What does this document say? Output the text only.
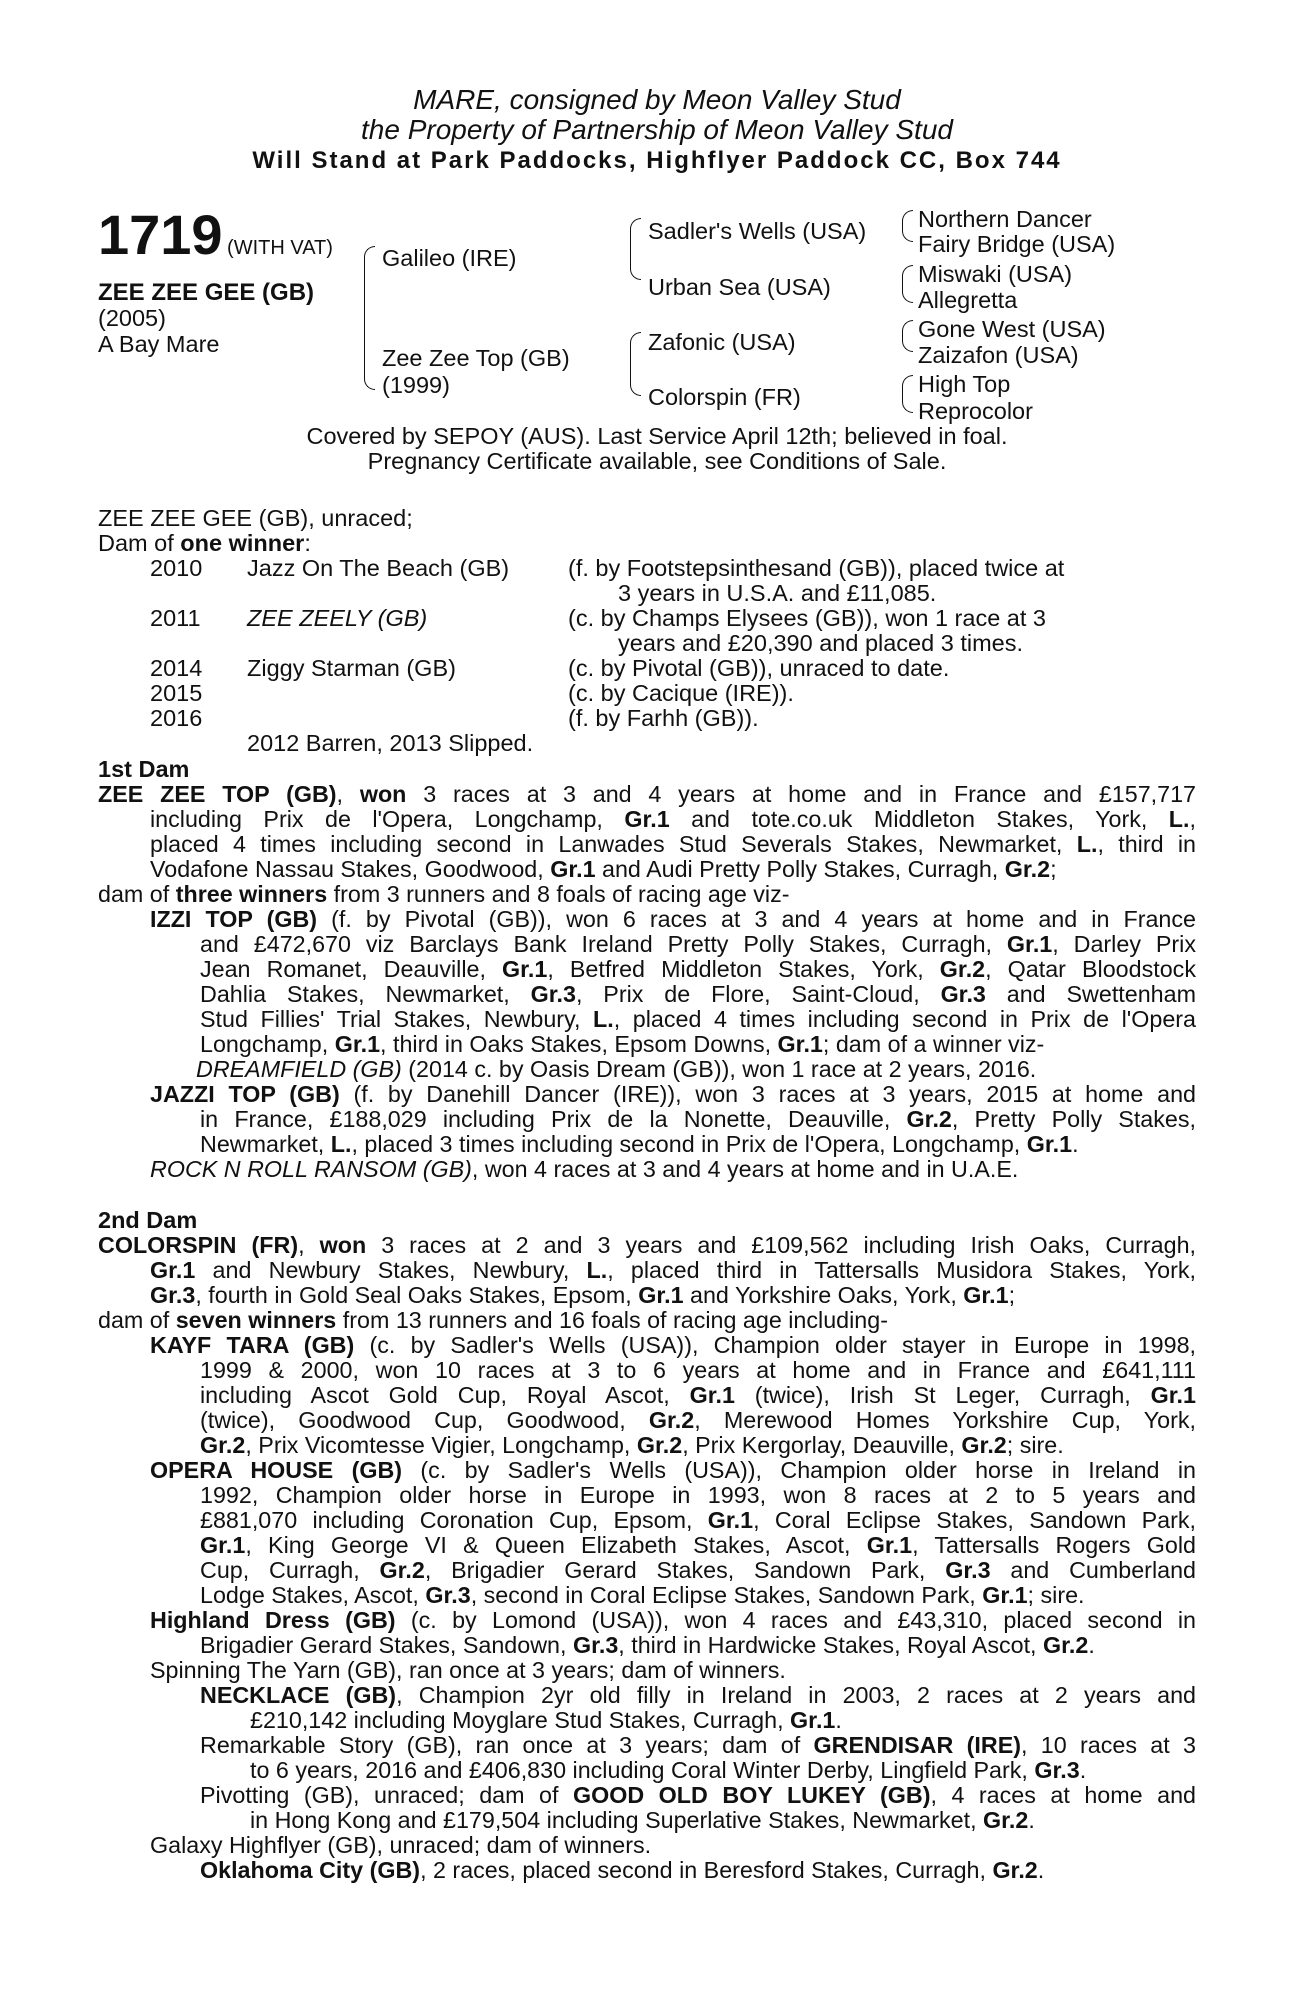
MARE, consigned by Meon Valley Stud
the Property of Partnership of Meon Valley Stud
Will Stand at Park Paddocks, Highflyer Paddock CC, Box 744
1719 (WITH VAT)
ZEE ZEE GEE (GB)
(2005)
A Bay Mare
Galileo (IRE)
Zee Zee Top (GB)
(1999)
Sadler's Wells (USA)
Urban Sea (USA)
Zafonic (USA)
Colorspin (FR)
Northern Dancer
Fairy Bridge (USA)
Miswaki (USA)
Allegretta
Gone West (USA)
Zaizafon (USA)
High Top
Reprocolor
Covered by SEPOY (AUS). Last Service April 12th; believed in foal.
Pregnancy Certificate available, see Conditions of Sale.
ZEE ZEE GEE (GB), unraced;
Dam of one winner:
2010 Jazz On The Beach (GB)	(f. by Footstepsinthesand (GB)), placed twice at
3 years in U.S.A. and £11,085.
2011 ZEE ZEELY (GB)	(c. by Champs Elysees (GB)), won 1 race at 3
years and £20,390 and placed 3 times.
2014 Ziggy Starman (GB)	(c. by Pivotal (GB)), unraced to date.
2015	(c. by Cacique (IRE)).
2016	(f. by Farhh (GB)).
2012 Barren, 2013 Slipped.
1st Dam
ZEE ZEE TOP (GB), won 3 races at 3 and 4 years at home and in France and £157,717
including Prix de l'Opera, Longchamp, Gr.1 and tote.co.uk Middleton Stakes, York, L.,
placed 4 times including second in Lanwades Stud Severals Stakes, Newmarket, L., third in
Vodafone Nassau Stakes, Goodwood, Gr.1 and Audi Pretty Polly Stakes, Curragh, Gr.2;
dam of three winners from 3 runners and 8 foals of racing age viz-
IZZI TOP (GB) (f. by Pivotal (GB)), won 6 races at 3 and 4 years at home and in France
and £472,670 viz Barclays Bank Ireland Pretty Polly Stakes, Curragh, Gr.1, Darley Prix
Jean Romanet, Deauville, Gr.1, Betfred Middleton Stakes, York, Gr.2, Qatar Bloodstock
Dahlia Stakes, Newmarket, Gr.3, Prix de Flore, Saint-Cloud, Gr.3 and Swettenham
Stud Fillies' Trial Stakes, Newbury, L., placed 4 times including second in Prix de l'Opera
Longchamp, Gr.1, third in Oaks Stakes, Epsom Downs, Gr.1; dam of a winner viz-
DREAMFIELD (GB) (2014 c. by Oasis Dream (GB)), won 1 race at 2 years, 2016.
JAZZI TOP (GB) (f. by Danehill Dancer (IRE)), won 3 races at 3 years, 2015 at home and
in France, £188,029 including Prix de la Nonette, Deauville, Gr.2, Pretty Polly Stakes,
Newmarket, L., placed 3 times including second in Prix de l'Opera, Longchamp, Gr.1.
ROCK N ROLL RANSOM (GB), won 4 races at 3 and 4 years at home and in U.A.E.
2nd Dam
COLORSPIN (FR), won 3 races at 2 and 3 years and £109,562 including Irish Oaks, Curragh,
Gr.1 and Newbury Stakes, Newbury, L., placed third in Tattersalls Musidora Stakes, York,
Gr.3, fourth in Gold Seal Oaks Stakes, Epsom, Gr.1 and Yorkshire Oaks, York, Gr.1;
dam of seven winners from 13 runners and 16 foals of racing age including-
KAYF TARA (GB) (c. by Sadler's Wells (USA)), Champion older stayer in Europe in 1998,
1999 & 2000, won 10 races at 3 to 6 years at home and in France and £641,111
including Ascot Gold Cup, Royal Ascot, Gr.1 (twice), Irish St Leger, Curragh, Gr.1
(twice), Goodwood Cup, Goodwood, Gr.2, Merewood Homes Yorkshire Cup, York,
Gr.2, Prix Vicomtesse Vigier, Longchamp, Gr.2, Prix Kergorlay, Deauville, Gr.2; sire.
OPERA HOUSE (GB) (c. by Sadler's Wells (USA)), Champion older horse in Ireland in
1992, Champion older horse in Europe in 1993, won 8 races at 2 to 5 years and
£881,070 including Coronation Cup, Epsom, Gr.1, Coral Eclipse Stakes, Sandown Park,
Gr.1, King George VI & Queen Elizabeth Stakes, Ascot, Gr.1, Tattersalls Rogers Gold
Cup, Curragh, Gr.2, Brigadier Gerard Stakes, Sandown Park, Gr.3 and Cumberland
Lodge Stakes, Ascot, Gr.3, second in Coral Eclipse Stakes, Sandown Park, Gr.1; sire.
Highland Dress (GB) (c. by Lomond (USA)), won 4 races and £43,310, placed second in
Brigadier Gerard Stakes, Sandown, Gr.3, third in Hardwicke Stakes, Royal Ascot, Gr.2.
Spinning The Yarn (GB), ran once at 3 years; dam of winners.
NECKLACE (GB), Champion 2yr old filly in Ireland in 2003, 2 races at 2 years and
£210,142 including Moyglare Stud Stakes, Curragh, Gr.1.
Remarkable Story (GB), ran once at 3 years; dam of GRENDISAR (IRE), 10 races at 3
to 6 years, 2016 and £406,830 including Coral Winter Derby, Lingfield Park, Gr.3.
Pivotting (GB), unraced; dam of GOOD OLD BOY LUKEY (GB), 4 races at home and
in Hong Kong and £179,504 including Superlative Stakes, Newmarket, Gr.2.
Galaxy Highflyer (GB), unraced; dam of winners.
Oklahoma City (GB), 2 races, placed second in Beresford Stakes, Curragh, Gr.2.
